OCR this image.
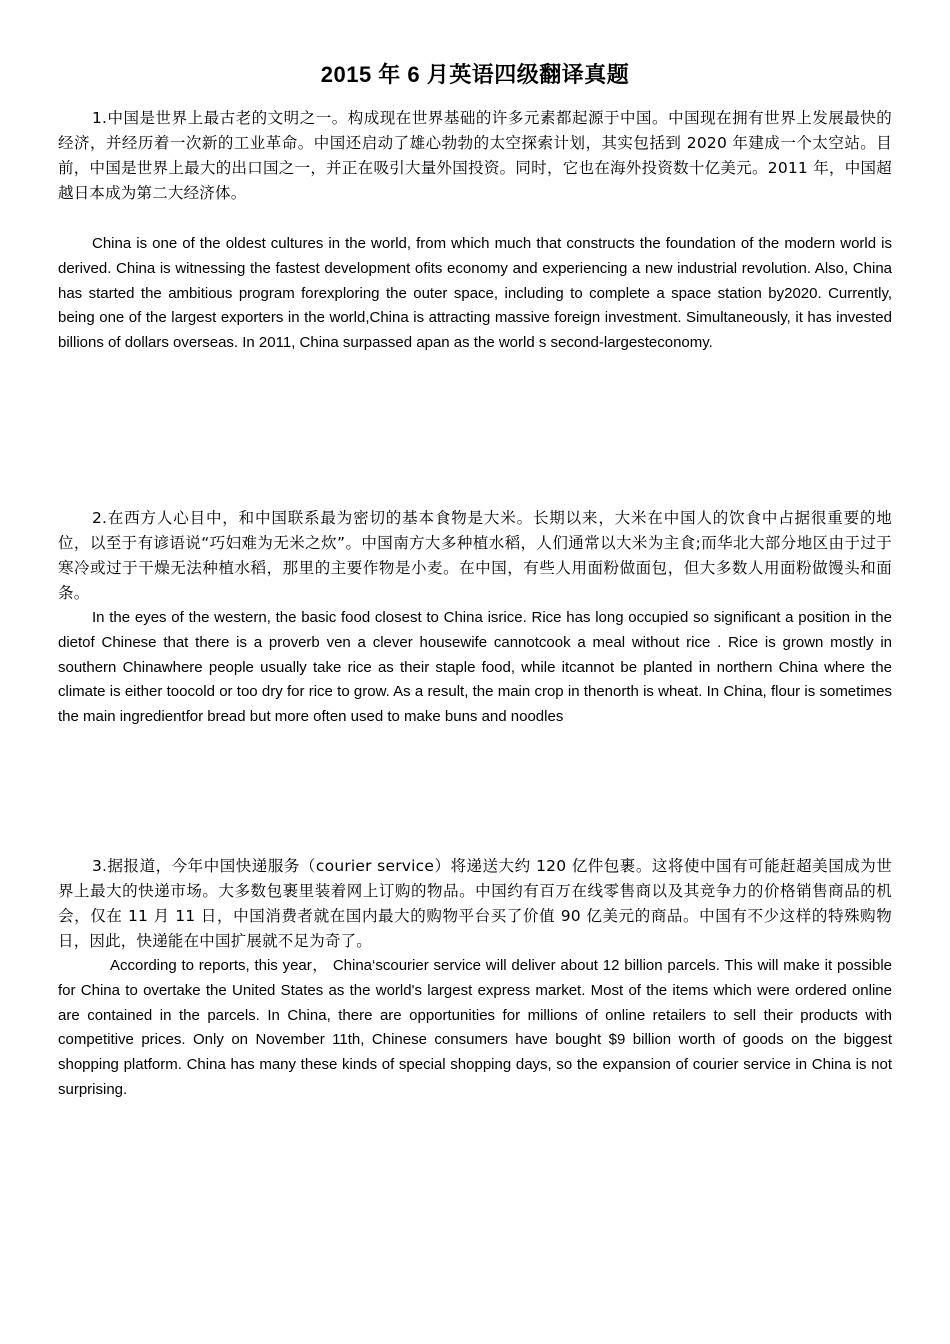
2015 年 6 月英语四级翻译真题

1.中国是世界上最古老的文明之一。构成现在世界基础的许多元素都起源于中国。中国现在拥有世界上发展最快的经济，并经历着一次新的工业革命。中国还启动了雄心勃勃的太空探索计划，其实包括到 2020 年建成一个太空站。目前，中国是世界上最大的出口国之一，并正在吸引大量外国投资。同时，它也在海外投资数十亿美元。2011 年，中国超越日本成为第二大经济体。

China is one of the oldest cultures in the world, from which much that constructs the foundation of the modern world is derived. China is witnessing the fastest development ofits economy and experiencing a new industrial revolution. Also, China has started the ambitious program forexploring the outer space, including to complete a space station by2020. Currently, being one of the largest exporters in the world,China is attracting massive foreign investment. Simultaneously, it has invested billions of dollars overseas. In 2011, China surpassed apan as the world s second-largesteconomy.

2.在西方人心目中，和中国联系最为密切的基本食物是大米。长期以来，大米在中国人的饮食中占据很重要的地位，以至于有谚语说“巧妇难为无米之炊”。中国南方大多种植水稻，人们通常以大米为主食;而华北大部分地区由于过于寒冷或过于干燥无法种植水稻，那里的主要作物是小麦。在中国，有些人用面粉做面包，但大多数人用面粉做馒头和面条。

In the eyes of the western, the basic food closest to China isrice. Rice has long occupied so significant a position in the dietof Chinese that there is a proverb ven a clever housewife cannotcook a meal without rice . Rice is grown mostly in southern Chinawhere people usually take rice as their staple food, while itcannot be planted in northern China where the climate is either toocold or too dry for rice to grow. As a result, the main crop in thenorth is wheat. In China, flour is sometimes the main ingredientfor bread but more often used to make buns and noodles

3.据报道，今年中国快递服务（courier service）将递送大约 120 亿件包裹。这将使中国有可能赶超美国成为世界上最大的快递市场。大多数包裹里装着网上订购的物品。中国约有百万在线零售商以及其竞争力的价格销售商品的机会，仅在 11 月 11 日，中国消费者就在国内最大的购物平台买了价值 90 亿美元的商品。中国有不少这样的特殊购物日，因此，快递能在中国扩展就不足为奇了。

According to reports, this year， China‘scourier service will deliver about 12 billion parcels. This will make it possible for China to overtake the United States as the world's largest express market. Most of the items which were ordered online are contained in the parcels. In China, there are opportunities for millions of online retailers to sell their products with competitive prices. Only on November 11th, Chinese consumers have bought $9 billion worth of goods on the biggest shopping platform. China has many these kinds of special shopping days, so the expansion of courier service in China is not surprising.
